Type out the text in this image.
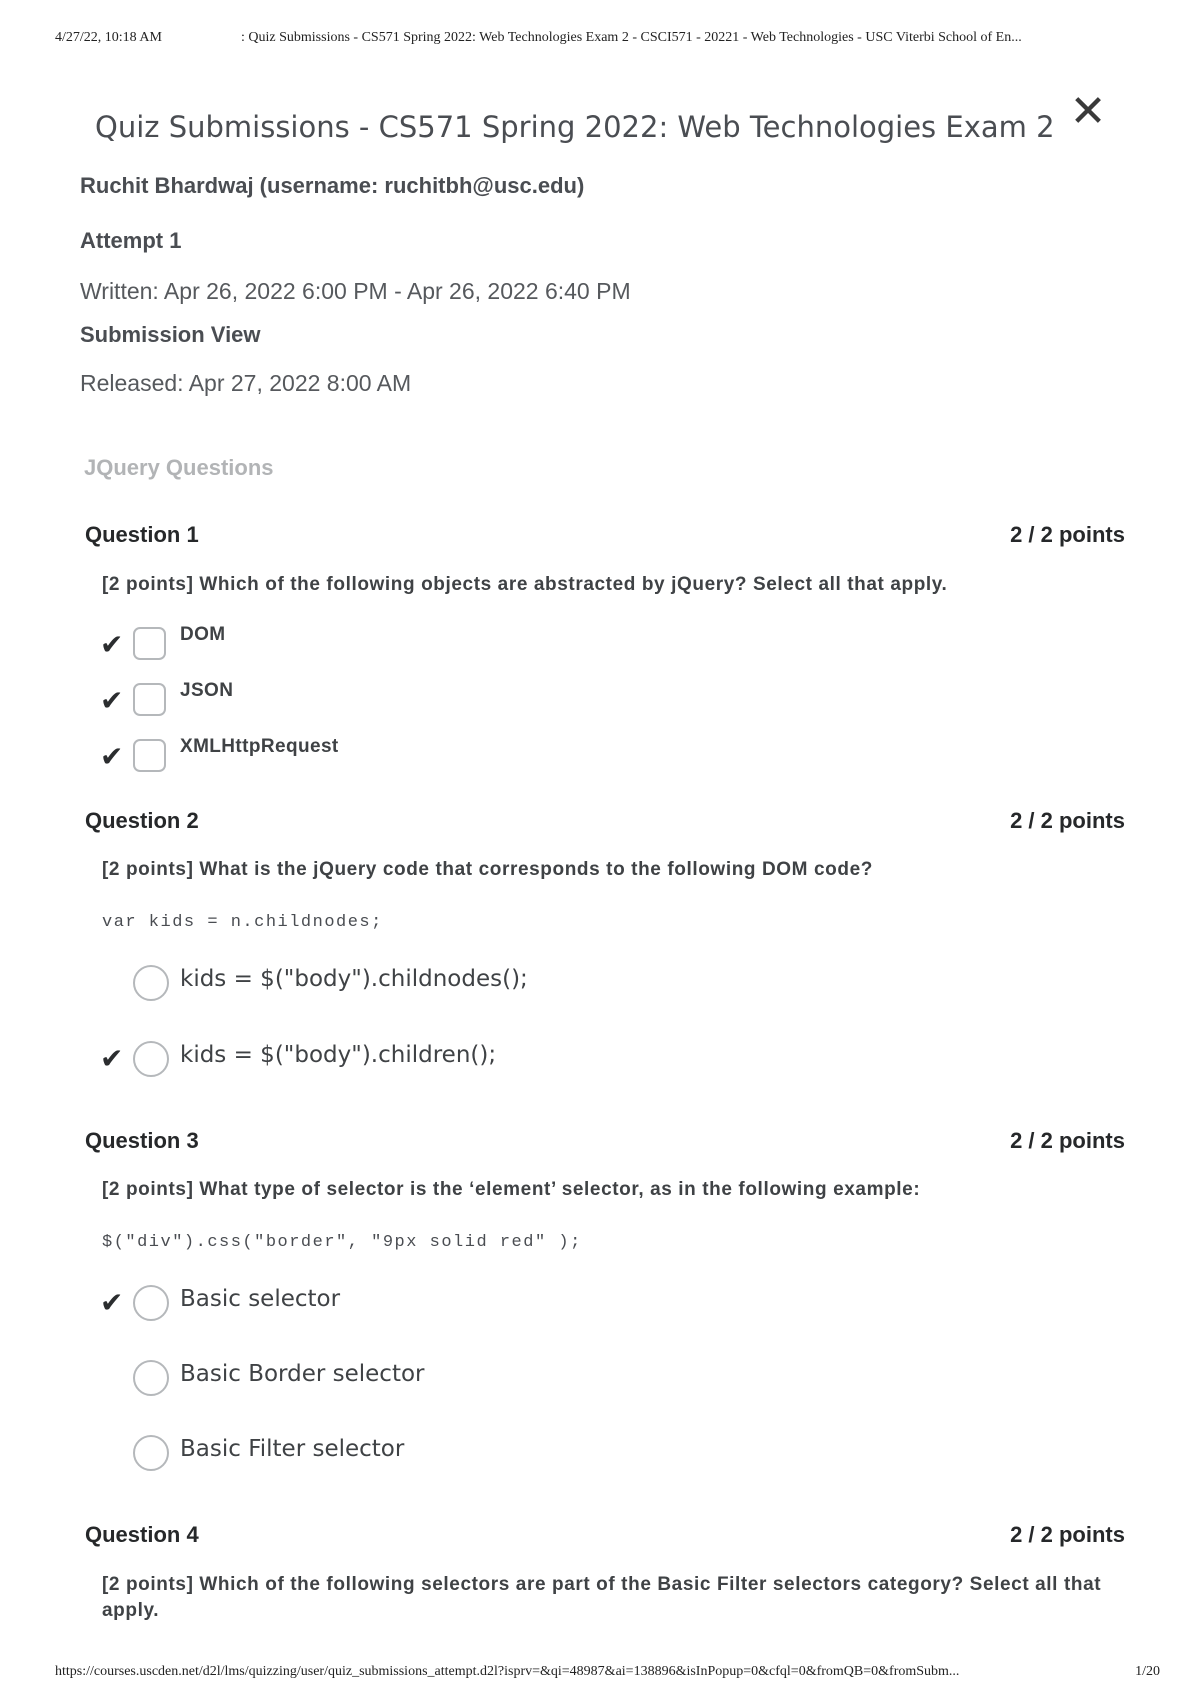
4/27/22, 10:18 AM	: Quiz Submissions - CS571 Spring 2022: Web Technologies Exam 2 - CSCI571 - 20221 - Web Technologies - USC Viterbi School of En...
✕
Quiz Submissions - CS571 Spring 2022: Web Technologies Exam 2
Ruchit Bhardwaj (username: ruchitbh@usc.edu)
Attempt 1
Written: Apr 26, 2022 6:00 PM - Apr 26, 2022 6:40 PM
Submission View
Released: Apr 27, 2022 8:00 AM
JQuery Questions
Question 1	2 / 2 points
[2 points] Which of the following objects are abstracted by jQuery? Select all that apply.
✔	DOM
✔	JSON
✔	XMLHttpRequest
Question 2	2 / 2 points
[2 points] What is the jQuery code that corresponds to the following DOM code?
var kids = n.childnodes;
kids = $("body").childnodes();
✔ kids = $("body").children();
Question 3	2 / 2 points
[2 points] What type of selector is the ‘element’ selector, as in the following example:
$("div").css("border", "9px solid red" );
✔ Basic selector
Basic Border selector
Basic Filter selector
Question 4	2 / 2 points
[2 points] Which of the following selectors are part of the Basic Filter selectors category? Select all that apply.
https://courses.uscden.net/d2l/lms/quizzing/user/quiz_submissions_attempt.d2l?isprv=&qi=48987&ai=138896&isInPopup=0&cfql=0&fromQB=0&fromSubm...	1/20
